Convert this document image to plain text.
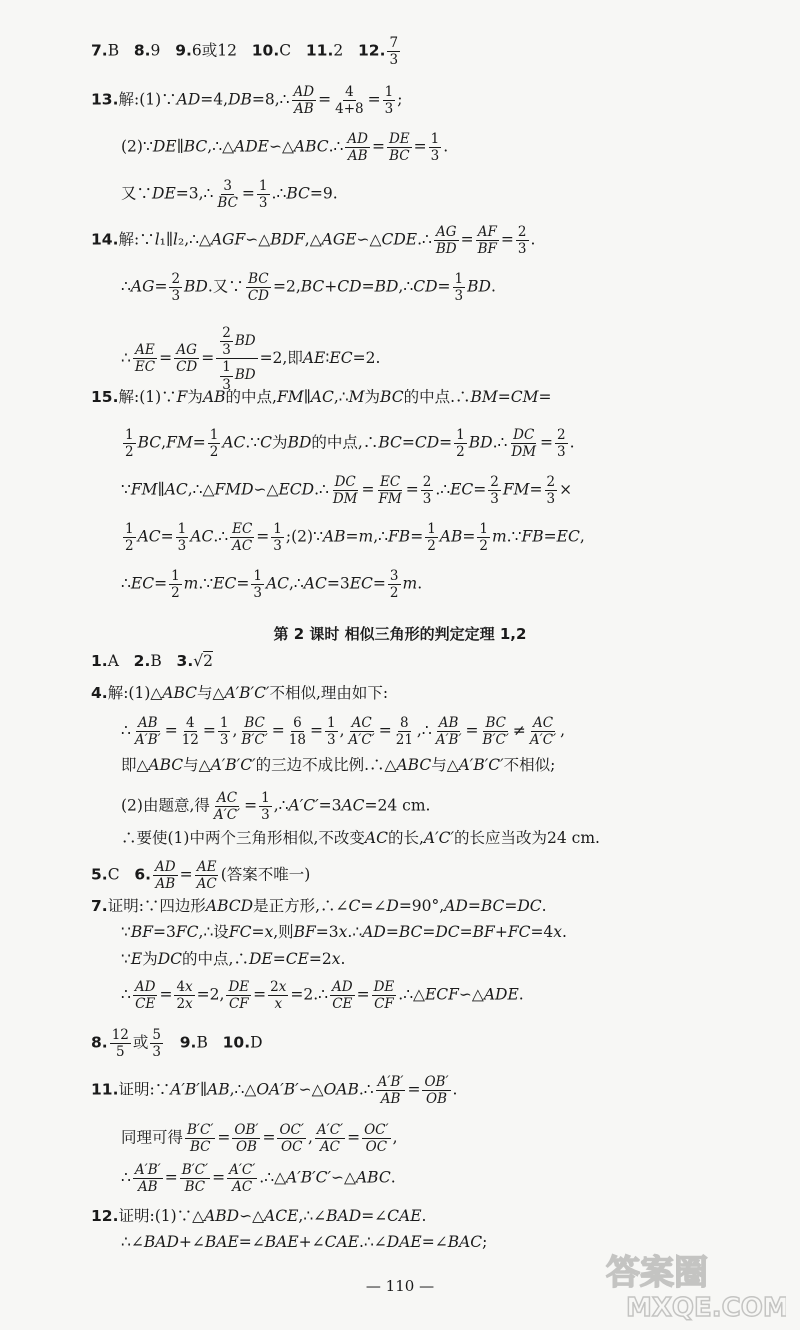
7.B   8.9   9.6或12   10.C   11.2   12. $\frac{7}{3}$
13.解:(1)∵AD=4,DB=8,∴ $\frac{AD}{AB} = \frac{4}{4+8} = \frac{1}{3}$ ;
(2)∵DE∥BC,∴△ADE∽△ABC.∴ $\frac{AD}{AB} = \frac{DE}{BC} = \frac{1}{3}$ .
又∵DE=3,∴ $\frac{3}{BC} = \frac{1}{3}$ .∴BC=9.
14.解:∵l₁∥l₂,∴△AGF∽△BDF,△AGE∽△CDE.∴ $\frac{AG}{BD} = \frac{AF}{BF} = \frac{2}{3}$ .
∴AG= $\frac{2}{3}$ BD.又∵ $\frac{BC}{CD}$ =2,BC+CD=BD,∴CD= $\frac{1}{3}$ BD.
∴ $\frac{AE}{EC} = \frac{AG}{CD} = \frac{\frac{2}{3} BD}{\frac{1}{3} BD} =2$,即AE∶EC=2.
15.解:(1)∵F为AB的中点,FM∥AC,∴M为BC的中点.∴BM=CM=
$\frac{1}{2} BC,FM= \frac{1}{2}$ AC.∵C为BD的中点,∴BC=CD= $\frac{1}{2}$ BD.∴ $\frac{DC}{DM} = \frac{2}{3}$ .
∵FM∥AC,∴△FMD∽△ECD.∴ $\frac{DC}{DM} = \frac{EC}{FM} = \frac{2}{3}$ .∴EC= $\frac{2}{3} FM= \frac{2}{3}$ ×
$\frac{1}{2} AC= \frac{1}{3}$ AC.∴ $\frac{EC}{AC} = \frac{1}{3}$ ;(2)∵AB=m,∴FB= $\frac{1}{2} AB= \frac{1}{2}$ m.∵FB=EC,
∴EC= $\frac{1}{2}$ m.∵EC= $\frac{1}{3}$ AC,∴AC=3EC= $\frac{3}{2} m$.
第 2 课时 相似三角形的判定定理 1,2
1.A   2.B   3.√2
4.解:(1)△ABC与△A′B′C′不相似,理由如下:
∴ $\frac{AB}{A'B'} = \frac{4}{12} = \frac{1}{3}$ , $\frac{BC}{B'C'} = \frac{6}{18} = \frac{1}{3}$ , $\frac{AC}{A'C'} = \frac{8}{21}$ ,∴ $\frac{AB}{A'B'} = \frac{BC}{B'C'} \ne \frac{AC}{A'C'}$ ,
即△ABC与△A′B′C′的三边不成比例.∴△ABC与△A′B′C′不相似;
(2)由题意,得 $\frac{AC}{A'C'} = \frac{1}{3}$ ,∴A′C′=3AC=24 cm.
∴要使(1)中两个三角形相似,不改变AC的长,A′C′的长应当改为24 cm.
5.C   6. $\frac{AD}{AB} = \frac{AE}{AC}$ (答案不唯一)
7.证明:∵四边形ABCD是正方形,∴∠C=∠D=90°,AD=BC=DC.
∵BF=3FC,∴设FC=x,则BF=3x.∴AD=BC=DC=BF+FC=4x.
∵E为DC的中点,∴DE=CE=2x.
∴ $\frac{AD}{CE} = \frac{4x}{2x} =2$, $\frac{DE}{CF} = \frac{2x}{x}$ =2.∴ $\frac{AD}{CE} = \frac{DE}{CF}$ .∴△ECF∽△ADE.
8. $\frac{12}{5}$ 或 $\frac{5}{3} 9.B$   10.D
11.证明:∵A′B′∥AB,∴△OA′B′∽△OAB.∴ $\frac{A'B'}{AB} = \frac{OB'}{OB}$ .
同理可得 $\frac{B'C'}{BC} = \frac{OB'}{OB} = \frac{OC'}{OC}$ , $\frac{A'C'}{AC} = \frac{OC'}{OC}$ ,
∴ $\frac{A'B'}{AB} = \frac{B'C'}{BC} = \frac{A'C'}{AC}$ .∴△A′B′C′∽△ABC.
12.证明:(1)∵△ABD∽△ACE,∴∠BAD=∠CAE.
∴∠BAD+∠BAE=∠BAE+∠CAE.∴∠DAE=∠BAC;
— 110 —	答案圈
MXQE.COM
